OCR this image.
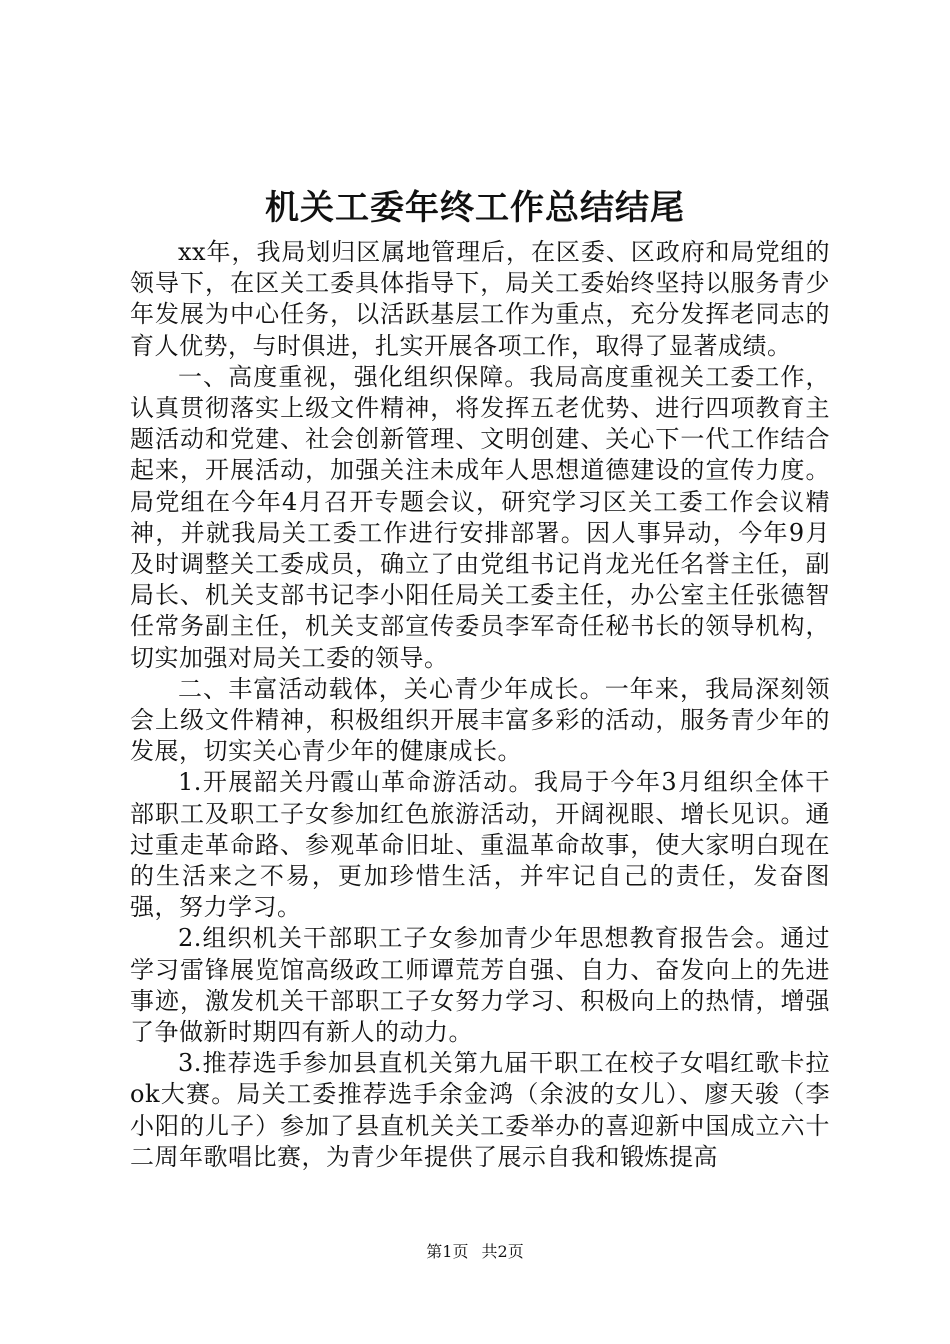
机关工委年终工作总结结尾

xx年，我局划归区属地管理后，在区委、区政府和局党组的领导下，在区关工委具体指导下，局关工委始终坚持以服务青少年发展为中心任务，以活跃基层工作为重点，充分发挥老同志的育人优势，与时俱进，扎实开展各项工作，取得了显著成绩。

一、高度重视，强化组织保障。我局高度重视关工委工作，认真贯彻落实上级文件精神，将发挥五老优势、进行四项教育主题活动和党建、社会创新管理、文明创建、关心下一代工作结合起来，开展活动，加强关注未成年人思想道德建设的宣传力度。局党组在今年4月召开专题会议，研究学习区关工委工作会议精神，并就我局关工委工作进行安排部署。因人事异动，今年9月及时调整关工委成员，确立了由党组书记肖龙光任名誉主任，副局长、机关支部书记李小阳任局关工委主任，办公室主任张德智任常务副主任，机关支部宣传委员李军奇任秘书长的领导机构，切实加强对局关工委的领导。

二、丰富活动载体，关心青少年成长。一年来，我局深刻领会上级文件精神，积极组织开展丰富多彩的活动，服务青少年的发展，切实关心青少年的健康成长。

1.开展韶关丹霞山革命游活动。我局于今年3月组织全体干部职工及职工子女参加红色旅游活动，开阔视眼、增长见识。通过重走革命路、参观革命旧址、重温革命故事，使大家明白现在的生活来之不易，更加珍惜生活，并牢记自己的责任，发奋图强，努力学习。

2.组织机关干部职工子女参加青少年思想教育报告会。通过学习雷锋展览馆高级政工师谭荒芳自强、自力、奋发向上的先进事迹，激发机关干部职工子女努力学习、积极向上的热情，增强了争做新时期四有新人的动力。

3.推荐选手参加县直机关第九届干职工在校子女唱红歌卡拉ok大赛。局关工委推荐选手余金鸿（余波的女儿）、廖天骏（李小阳的儿子）参加了县直机关关工委举办的喜迎新中国成立六十二周年歌唱比赛，为青少年提供了展示自我和锻炼提高

第1页 共2页
